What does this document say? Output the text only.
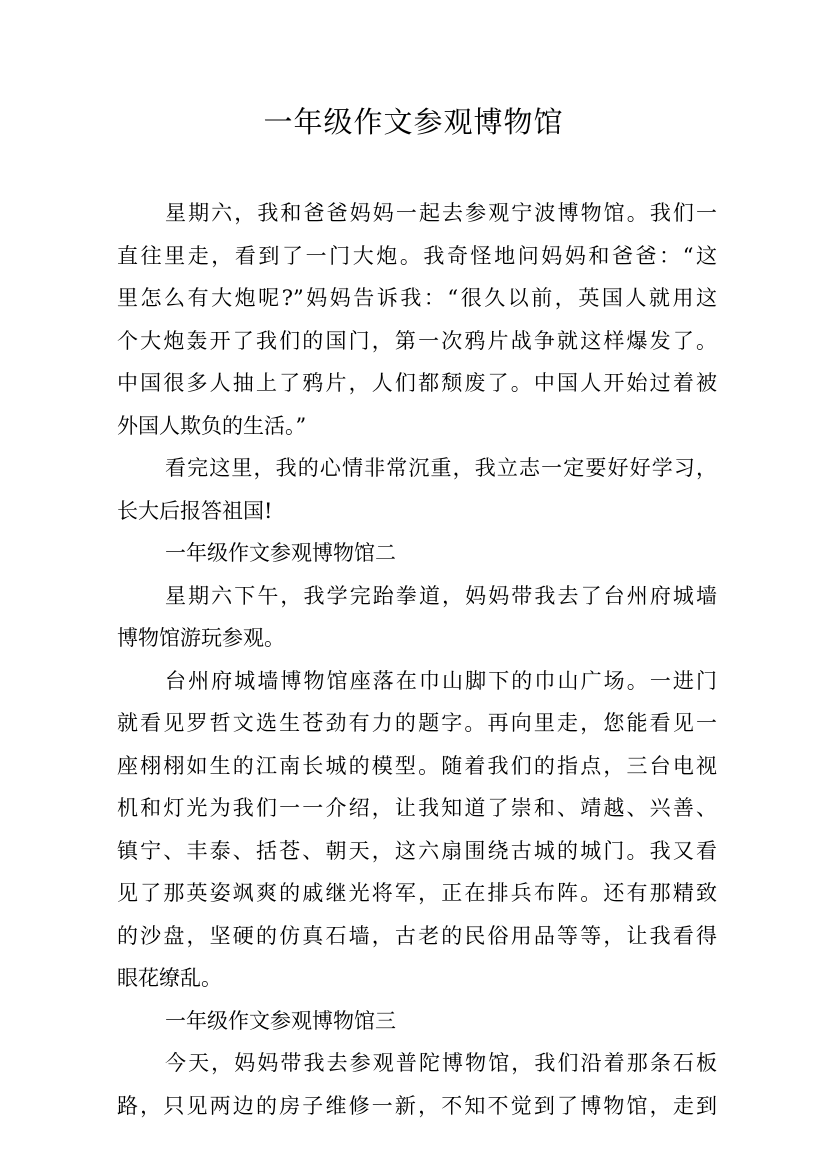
一年级作文参观博物馆
星期六，我和爸爸妈妈一起去参观宁波博物馆。我们一
直往里走，看到了一门大炮。我奇怪地问妈妈和爸爸：“这
里怎么有大炮呢?”妈妈告诉我：“很久以前，英国人就用这
个大炮轰开了我们的国门，第一次鸦片战争就这样爆发了。
中国很多人抽上了鸦片，人们都颓废了。中国人开始过着被
外国人欺负的生活。”
看完这里，我的心情非常沉重，我立志一定要好好学习，
长大后报答祖国!
一年级作文参观博物馆二
星期六下午，我学完跆拳道，妈妈带我去了台州府城墙
博物馆游玩参观。
台州府城墙博物馆座落在巾山脚下的巾山广场。一进门
就看见罗哲文选生苍劲有力的题字。再向里走，您能看见一
座栩栩如生的江南长城的模型。随着我们的指点，三台电视
机和灯光为我们一一介绍，让我知道了崇和、靖越、兴善、
镇宁、丰泰、括苍、朝天，这六扇围绕古城的城门。我又看
见了那英姿飒爽的戚继光将军，正在排兵布阵。还有那精致
的沙盘，坚硬的仿真石墙，古老的民俗用品等等，让我看得
眼花缭乱。
一年级作文参观博物馆三
今天，妈妈带我去参观普陀博物馆，我们沿着那条石板
路，只见两边的房子维修一新，不知不觉到了博物馆，走到
